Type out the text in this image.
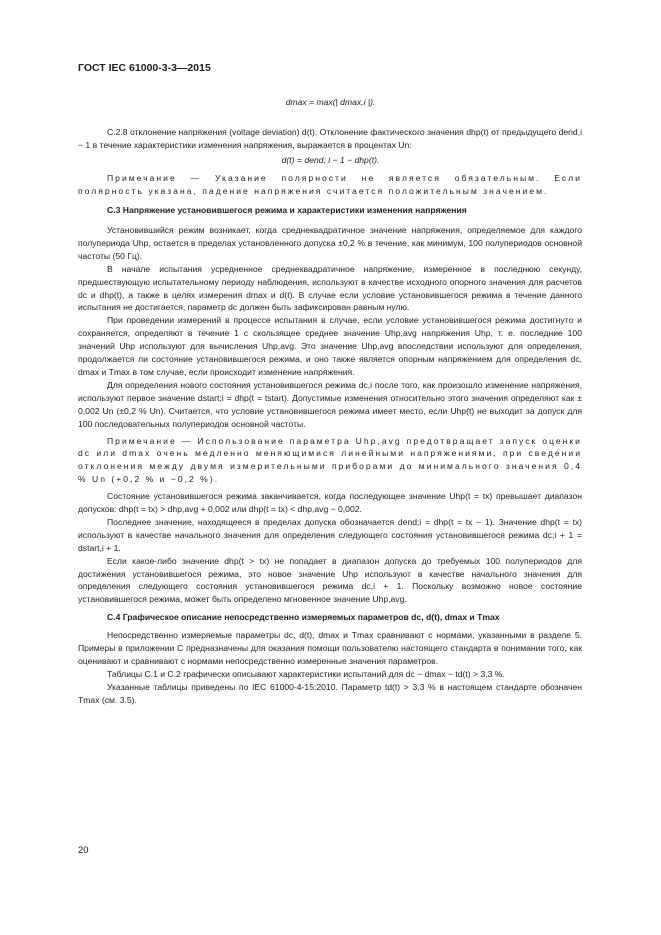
ГОСТ IEC 61000-3-3—2015
dmax = max(| dmax,i |).

C.2.8 отклонение напряжения (voltage deviation) d(t): Отклонение фактического значения dhp(t) от предыдущего dend,i − 1 в течение характеристики изменения напряжения, выражается в процентах Un:

d(t) = dend; i − 1 − dhp(t).

Примечание — Указание полярности не является обязательным. Если полярность указана, падение напряжения считается положительным значением.

C.3 Напряжение установившегося режима и характеристики изменения напряжения

Установившийся режим возникает, когда среднеквадратичное значение напряжения, определяемое для каждого полупериода Uhp, остается в пределах установленного допуска ±0,2 % в течение, как минимум, 100 полупериодов основной частоты (50 Гц).

В начале испытания усредненное среднеквадратичное напряжение, измеренное в последнюю секунду, предшествующую испытательному периоду наблюдения, используют в качестве исходного опорного значения для расчетов dc и dhp(t), а также в целях измерения dmax и d(t). В случае если условие установившегося режима в течение данного испытания не достигается, параметр dc должен быть зафиксирован равным нулю.

При проведении измерений в процессе испытания в случае, если условие установившегося режима достигнуто и сохраняется, определяют в течение 1 с скользящее среднее значение Uhp,avg напряжения Uhp, т. е. последние 100 значений Uhp используют для вычисления Uhp,avg. Это значение Uhp,avg впоследствии используют для определения, продолжается ли состояние установившегося режима, и оно также является опорным напряжением для определения dc, dmax и Tmax в том случае, если происходит изменение напряжения.

Для определения нового состояния установившегося режима dc,i после того, как произошло изменение напряжения, используют первое значение dstart;i = dhp(t = tstart). Допустимые изменения относительно этого значения определяют как ± 0,002 Un (±0,2 % Un). Считается, что условие установившегося режима имеет место, если Uhp(t) не выходит за допуск для 100 последовательных полупериодов основной частоты.

Примечание — Использование параметра Uhp,avg предотвращает запуск оценки dc или dmax очень медленно меняющимися линейными напряжениями, при сведении отклонения между двумя измерительными приборами до минимального значения 0,4 % Un (+0,2 % и −0,2 %).

Состояние установившегося режима заканчивается, когда последующее значение Uhp(t = tx) превышает диапазон допусков: dhp(t = tx) > dhp,avg + 0,002 или dhp(t = tx) < dhp,avg − 0,002.

Последнее значение, находящееся в пределах допуска обозначается dend;i = dhp(t = tx − 1). Значение dhp(t = tx) используют в качестве начального значения для определения следующего состояния установившегося режима dc;i + 1 = dstart,i + 1.

Если какое-либо значение dhp(t > tx) не попадает в диапазон допуска до требуемых 100 полупериодов для достижения установившегося режима, это новое значение Uhp используют в качестве начального значения для определения следующего состояния установившегося режима dc,i + 1. Поскольку возможно новое состояние установившегося режима, может быть определено мгновенное значение Uhp,avg.

C.4 Графическое описание непосредственно измеряемых параметров dc, d(t), dmax и Tmax

Непосредственно измеряемые параметры dc, d(t), dmax и Tmax сравнивают с нормами, указанными в разделе 5. Примеры в приложении С предназначены для оказания помощи пользователю настоящего стандарта в понимании того, как оценивают и сравнивают с нормами непосредственно измеренные значения параметров.

Таблицы С.1 и С.2 графически описывают характеристики испытаний для dc − dmax − td(t) > 3,3 %.

Указанные таблицы приведены по IEC 61000-4-15:2010. Параметр td(t) > 3,3 % в настоящем стандарте обозначен Tmax (см. 3.5).

20
